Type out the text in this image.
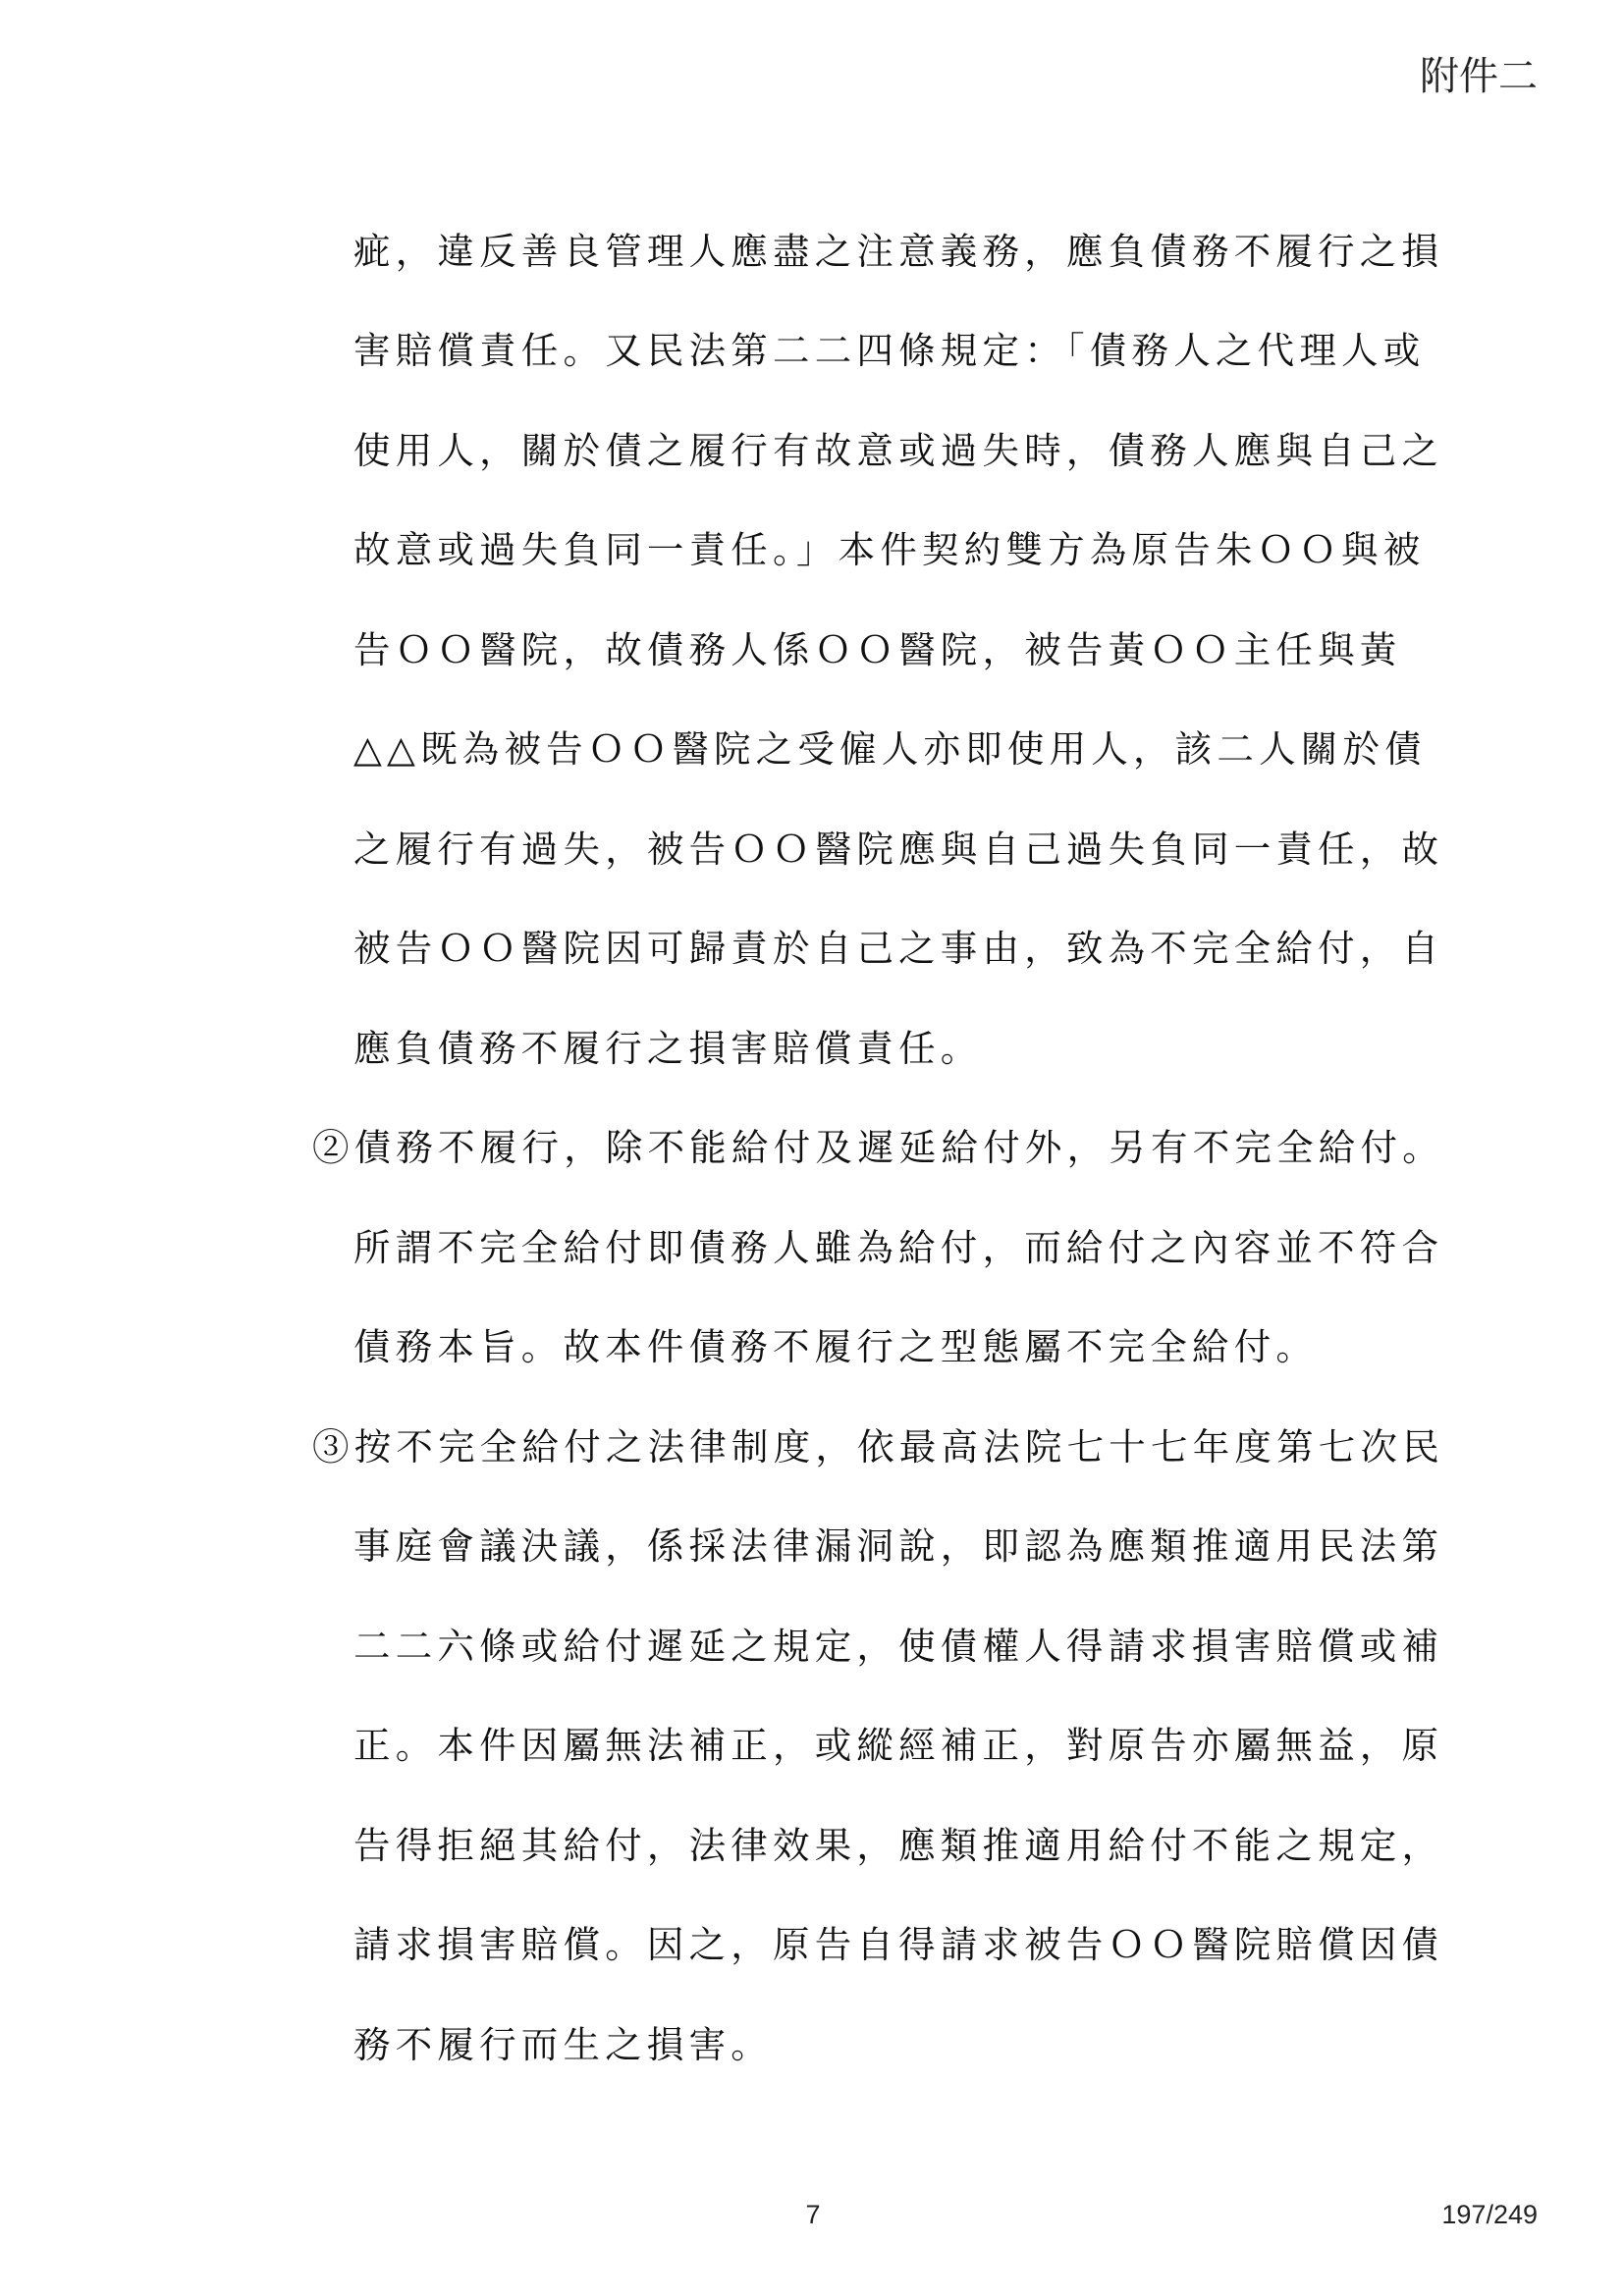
附件二
疵，違反善良管理人應盡之注意義務，應負債務不履行之損
害賠償責任。又民法第二二四條規定：「債務人之代理人或
使用人，關於債之履行有故意或過失時，債務人應與自己之
故意或過失負同一責任。」本件契約雙方為原告朱ＯＯ與被
告ＯＯ醫院，故債務人係ＯＯ醫院，被告黃ＯＯ主任與黃
△△既為被告ＯＯ醫院之受僱人亦即使用人，該二人關於債
之履行有過失，被告ＯＯ醫院應與自己過失負同一責任，故
被告ＯＯ醫院因可歸責於自己之事由，致為不完全給付，自
應負債務不履行之損害賠償責任。
②債務不履行，除不能給付及遲延給付外，另有不完全給付。
所謂不完全給付即債務人雖為給付，而給付之內容並不符合
債務本旨。故本件債務不履行之型態屬不完全給付。
③按不完全給付之法律制度，依最高法院七十七年度第七次民
事庭會議決議，係採法律漏洞說，即認為應類推適用民法第
二二六條或給付遲延之規定，使債權人得請求損害賠償或補
正。本件因屬無法補正，或縱經補正，對原告亦屬無益，原
告得拒絕其給付，法律效果，應類推適用給付不能之規定，
請求損害賠償。因之，原告自得請求被告ＯＯ醫院賠償因債
務不履行而生之損害。
7	197/249
